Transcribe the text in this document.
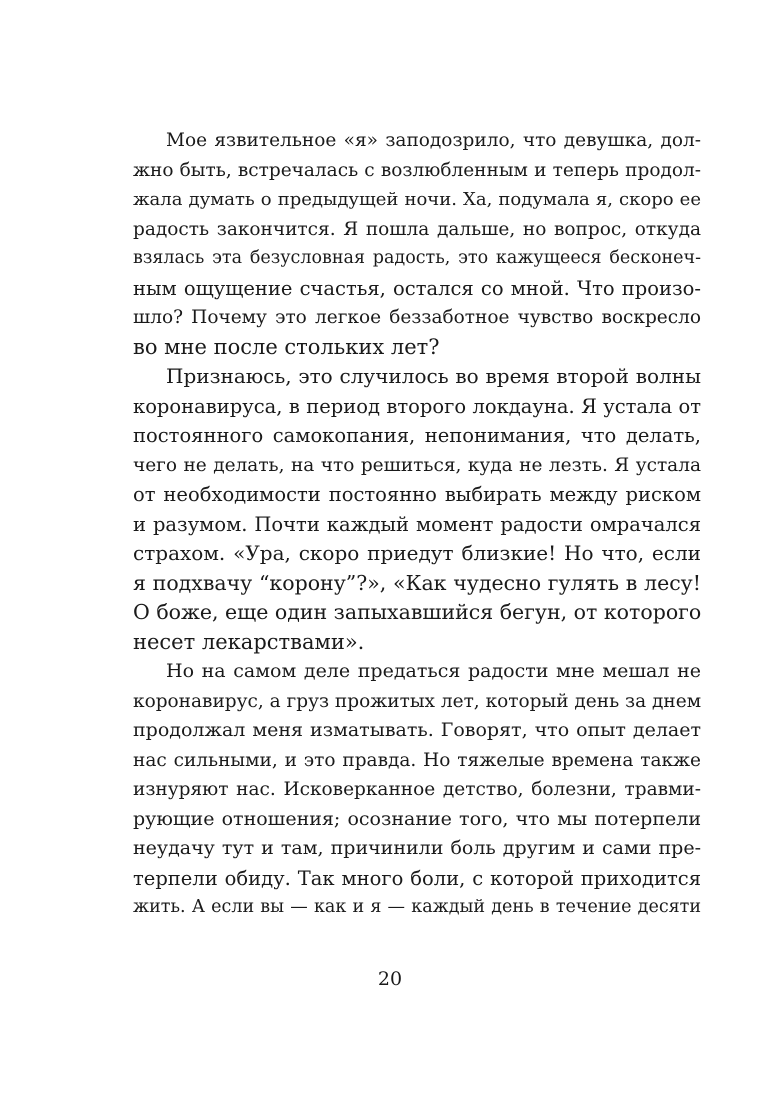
Мое язвительное «я» заподозрило, что девушка, дол-
жно быть, встречалась с возлюбленным и теперь продол-
жала думать о предыдущей ночи. Ха, подумала я, скоро ее
радость закончится. Я пошла дальше, но вопрос, откуда
взялась эта безусловная радость, это кажущееся бесконеч-
ным ощущение счастья, остался со мной. Что произо-
шло? Почему это легкое беззаботное чувство воскресло
во мне после стольких лет?
Признаюсь, это случилось во время второй волны
коронавируса, в период второго локдауна. Я устала от
постоянного самокопания, непонимания, что делать,
чего не делать, на что решиться, куда не лезть. Я устала
от необходимости постоянно выбирать между риском
и разумом. Почти каждый момент радости омрачался
страхом. «Ура, скоро приедут близкие! Но что, если
я подхвачу “корону”?», «Как чудесно гулять в лесу!
О боже, еще один запыхавшийся бегун, от которого
несет лекарствами».
Но на самом деле предаться радости мне мешал не
коронавирус, а груз прожитых лет, который день за днем
продолжал меня изматывать. Говорят, что опыт делает
нас сильными, и это правда. Но тяжелые времена также
изнуряют нас. Исковерканное детство, болезни, травми-
рующие отношения; осознание того, что мы потерпели
неудачу тут и там, причинили боль другим и сами пре-
терпели обиду. Так много боли, с которой приходится
жить. А если вы — как и я — каждый день в течение десяти
20
